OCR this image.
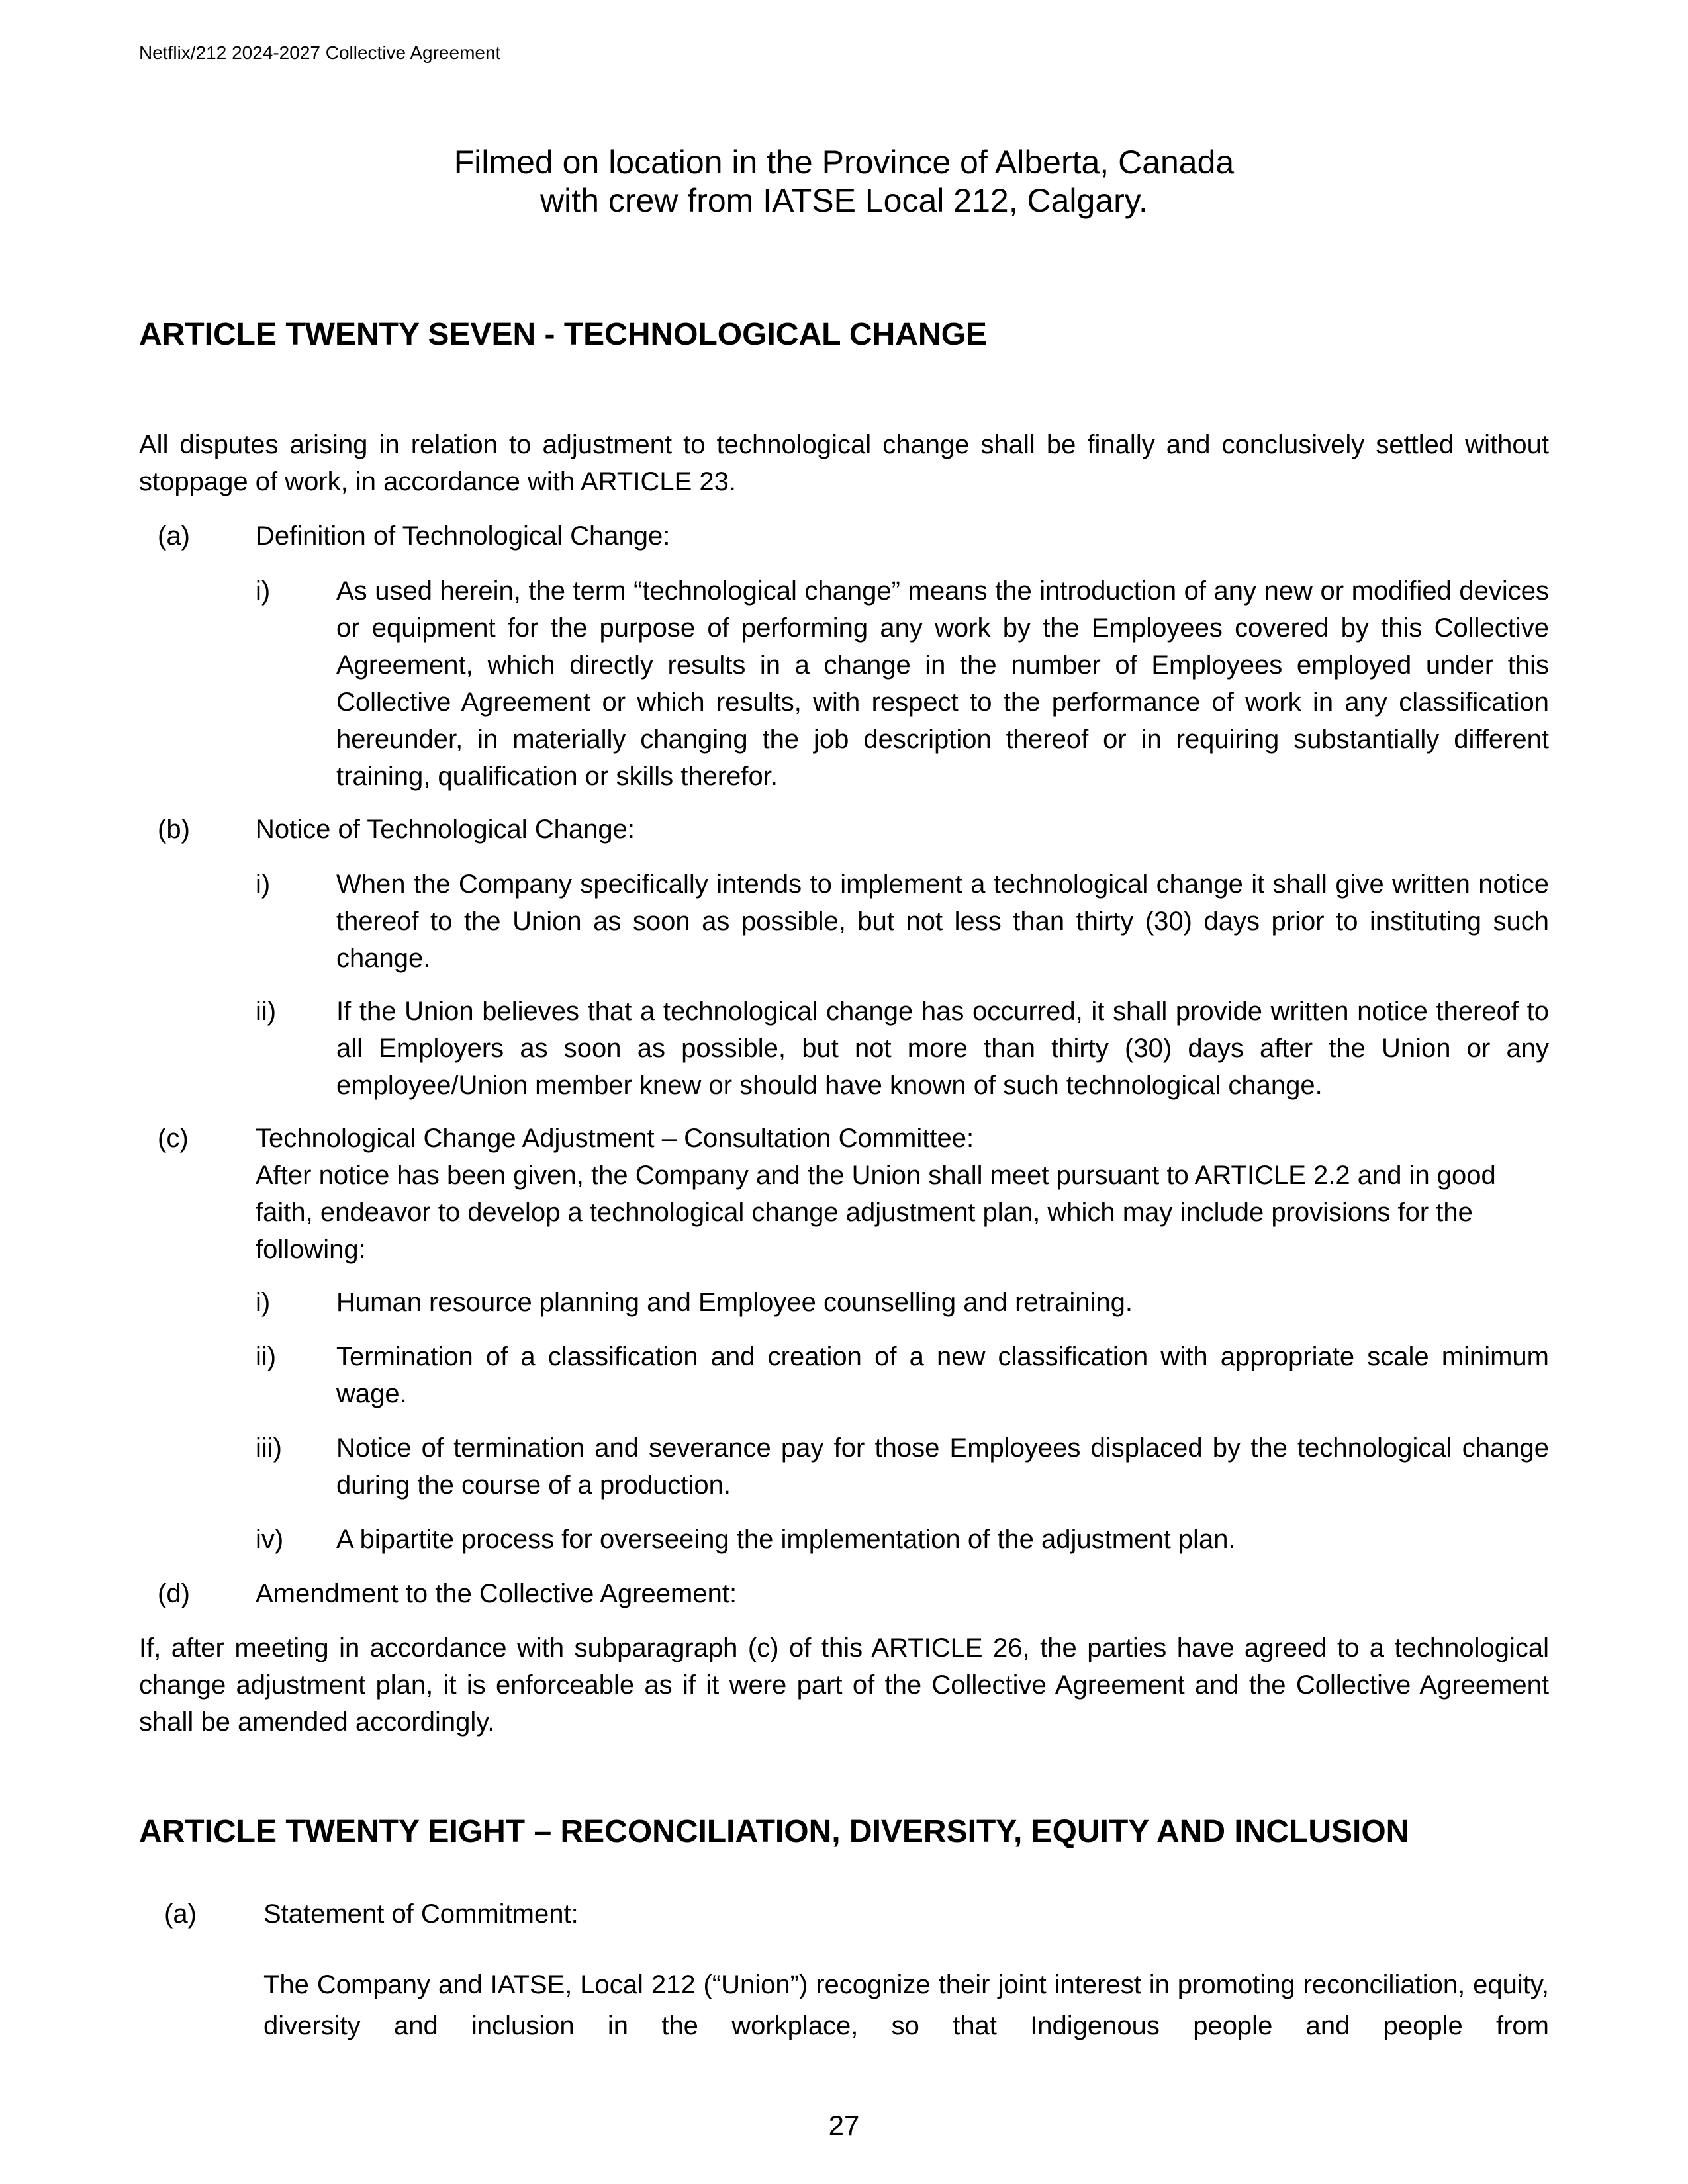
Netflix/212 2024-2027 Collective Agreement
Filmed on location in the Province of Alberta, Canada
with crew from IATSE Local 212, Calgary.
ARTICLE TWENTY SEVEN - TECHNOLOGICAL CHANGE

All disputes arising in relation to adjustment to technological change shall be finally and conclusively settled without stoppage of work, in accordance with ARTICLE 23.

(a) Definition of Technological Change:

i) As used herein, the term “technological change” means the introduction of any new or modified devices or equipment for the purpose of performing any work by the Employees covered by this Collective Agreement, which directly results in a change in the number of Employees employed under this Collective Agreement or which results, with respect to the performance of work in any classification hereunder, in materially changing the job description thereof or in requiring substantially different training, qualification or skills therefor.

(b) Notice of Technological Change:

i) When the Company specifically intends to implement a technological change it shall give written notice thereof to the Union as soon as possible, but not less than thirty (30) days prior to instituting such change.

ii) If the Union believes that a technological change has occurred, it shall provide written notice thereof to all Employers as soon as possible, but not more than thirty (30) days after the Union or any employee/Union member knew or should have known of such technological change.

(c)	Technological Change Adjustment – Consultation Committee:

After notice has been given, the Company and the Union shall meet pursuant to ARTICLE 2.2 and in good faith, endeavor to develop a technological change adjustment plan, which may include provisions for the following:

i) Human resource planning and Employee counselling and retraining.

ii) Termination of a classification and creation of a new classification with appropriate scale minimum wage.

iii) Notice of termination and severance pay for those Employees displaced by the technological change during the course of a production.

iv) A bipartite process for overseeing the implementation of the adjustment plan.

(d) Amendment to the Collective Agreement:

If, after meeting in accordance with subparagraph (c) of this ARTICLE 26, the parties have agreed to a technological change adjustment plan, it is enforceable as if it were part of the Collective Agreement and the Collective Agreement shall be amended accordingly.

ARTICLE TWENTY EIGHT – RECONCILIATION, DIVERSITY, EQUITY AND INCLUSION
(a)	Statement of Commitment:

The Company and IATSE, Local 212 (“Union”) recognize their joint interest in promoting reconciliation, equity, diversity and inclusion in the workplace, so that Indigenous people and people from

27
